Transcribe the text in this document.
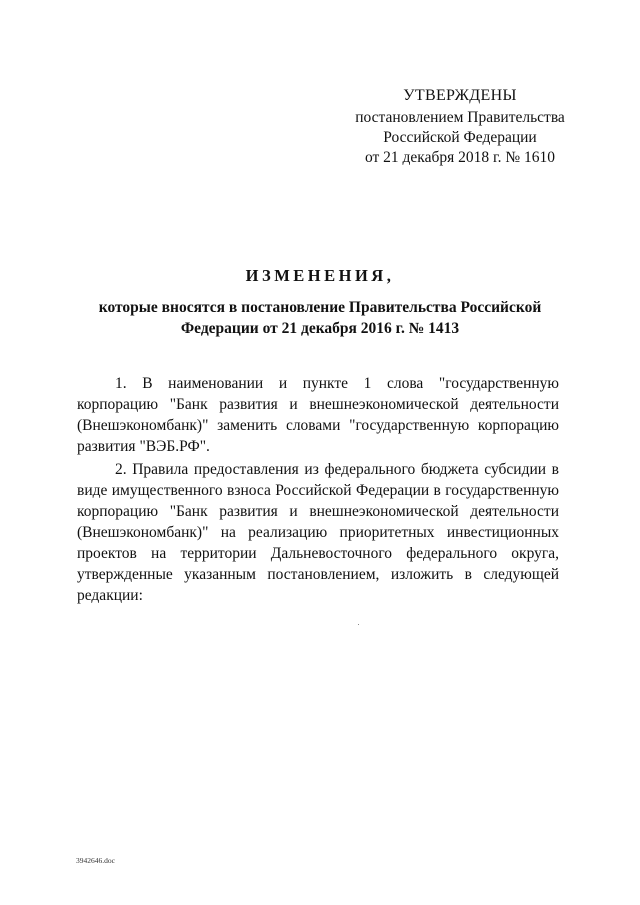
УТВЕРЖДЕНЫ
постановлением Правительства
Российской Федерации
от 21 декабря 2018 г. № 1610
ИЗМЕНЕНИЯ,
которые вносятся в постановление Правительства Российской
Федерации от 21 декабря 2016 г. № 1413

1. В наименовании и пункте 1 слова "государственную корпорацию "Банк развития и внешнеэкономической деятельности (Внешэкономбанк)" заменить словами "государственную корпорацию развития "ВЭБ.РФ".

2. Правила предоставления из федерального бюджета субсидии в виде имущественного взноса Российской Федерации в государственную корпорацию "Банк развития и внешнеэкономической деятельности (Внешэкономбанк)" на реализацию приоритетных инвестиционных проектов на территории Дальневосточного федерального округа, утвержденные указанным постановлением, изложить в следующей редакции:

3942646.doc
